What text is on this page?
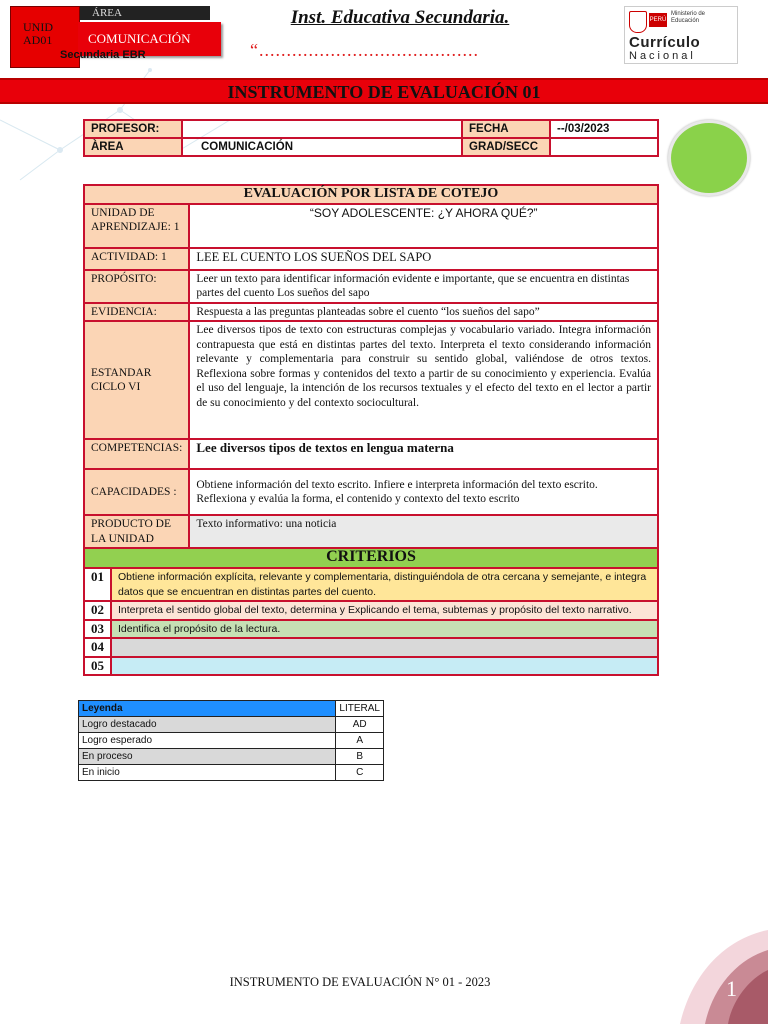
UNID AD01
ÁREA
COMUNICACIÓN
Secundaria EBR
Inst. Educativa Secundaria.
“........................................
PERÚ
Ministerio de Educación
Currículo
Nacional
INSTRUMENTO DE EVALUACIÓN 01
PROFESOR:		FECHA	--/03/2023
ÀREA	COMUNICACIÓN	GRAD/SECC	
EVALUACIÓN POR LISTA DE COTEJO	
UNIDAD DE APRENDIZAJE: 1	“SOY ADOLESCENTE: ¿Y AHORA QUÉ?”
ACTIVIDAD: 1	LEE EL CUENTO LOS SUEÑOS DEL SAPO
PROPÓSITO:	Leer un texto para identificar información evidente e importante, que se encuentra en distintas partes del cuento Los sueños del sapo
EVIDENCIA:	Respuesta a las preguntas planteadas sobre el cuento “los sueños del sapo”
ESTANDAR CICLO VI	Lee diversos tipos de texto con estructuras complejas y vocabulario variado. Integra información contrapuesta que está en distintas partes del texto. Interpreta el texto considerando información relevante y complementaria para construir su sentido global, valiéndose de otros textos. Reflexiona sobre formas y contenidos del texto a partir de su conocimiento y experiencia. Evalúa el uso del lenguaje, la intención de los recursos textuales y el efecto del texto en el lector a partir de su conocimiento y del contexto sociocultural.
COMPETENCIAS:	Lee diversos tipos de textos en lengua materna
CAPACIDADES :	Obtiene información del texto escrito. Infiere e interpreta información del texto escrito. Reflexiona y evalúa la forma, el contenido y contexto del texto escrito
PRODUCTO DE LA UNIDAD	Texto informativo: una noticia
CRITERIOS	
01	Obtiene información explícita, relevante y complementaria, distinguiéndola de otra cercana y semejante, e integra datos que se encuentran en distintas partes del cuento.
02	Interpreta el sentido global del texto, determina y Explicando el tema, subtemas y propósito del texto narrativo.
03	Identifica el propósito de la lectura.
04	
05	
Leyenda	LITERAL
Logro destacado	AD
Logro esperado	A
En proceso	B
En inicio	C
INSTRUMENTO DE EVALUACIÓN N° 01 - 2023	1
